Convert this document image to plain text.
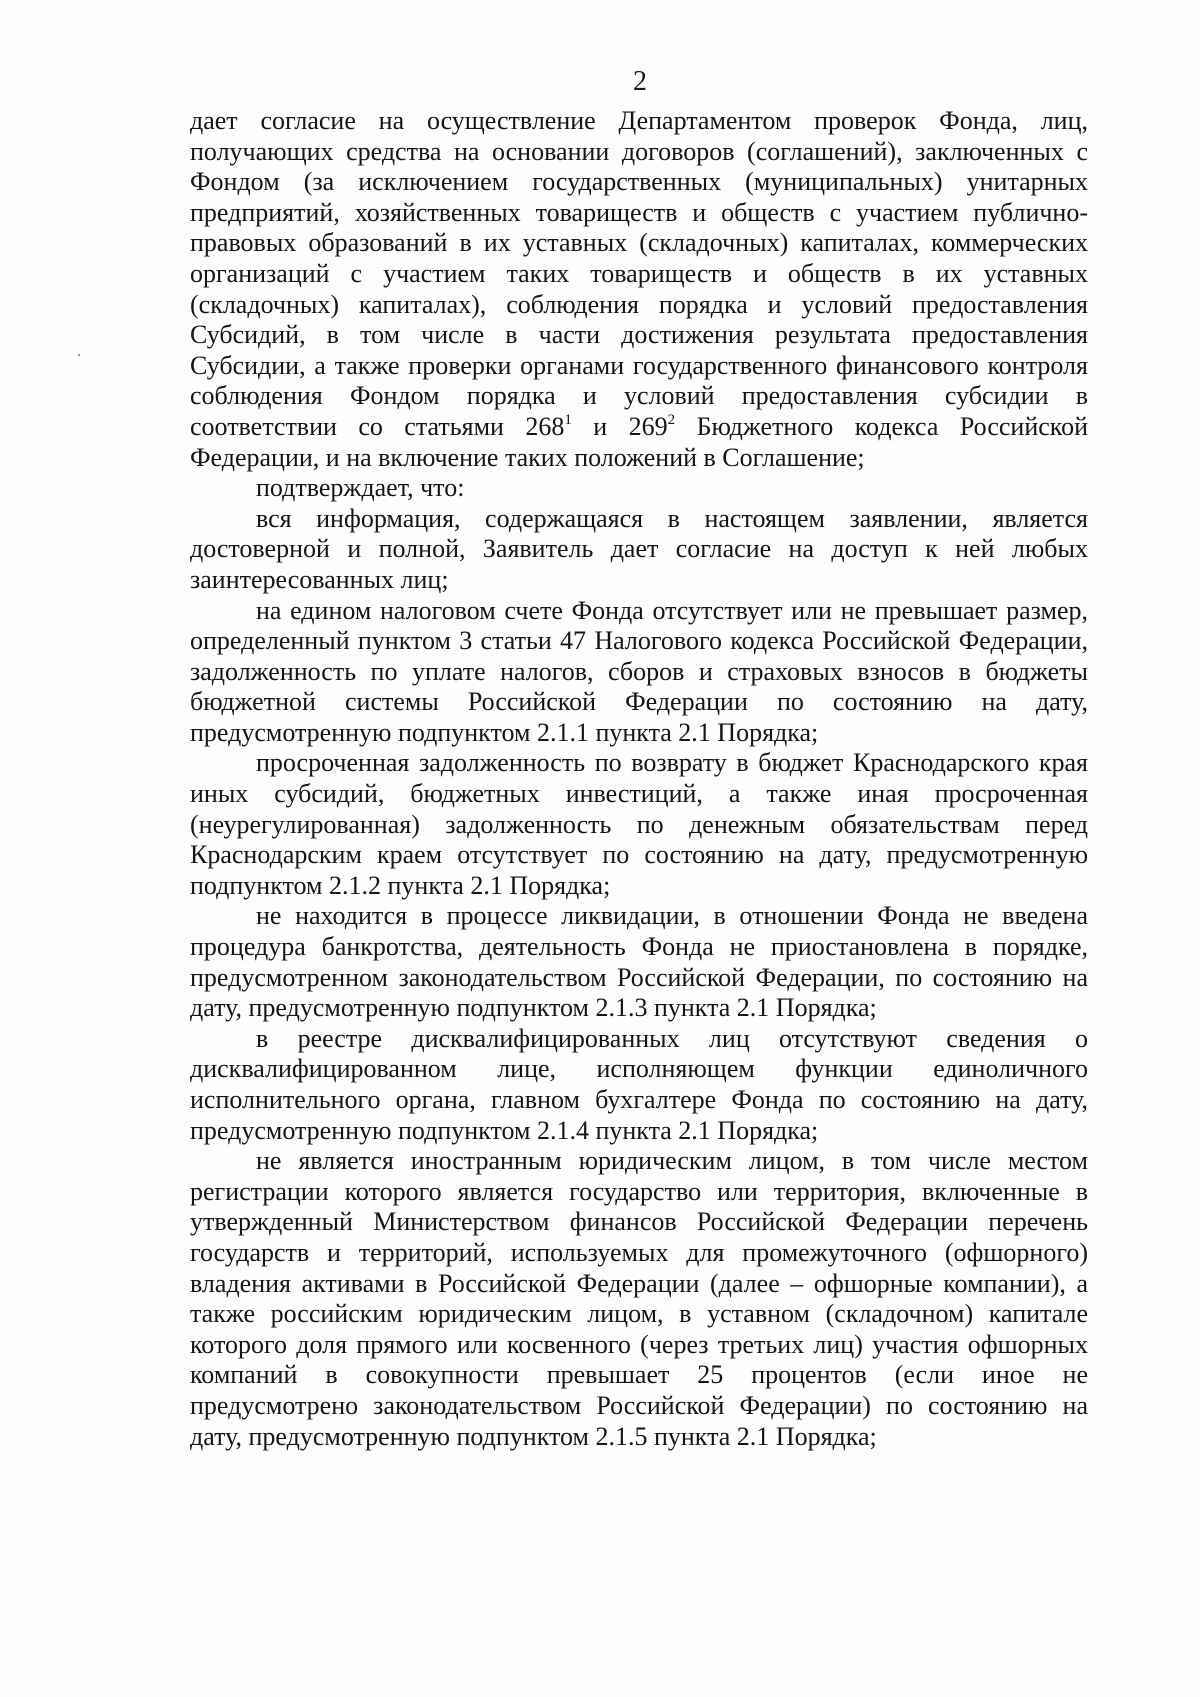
2

дает согласие на осуществление Департаментом проверок Фонда, лиц, получающих средства на основании договоров (соглашений), заключенных с Фондом (за исключением государственных (муниципальных) унитарных предприятий, хозяйственных товариществ и обществ с участием публично-правовых образований в их уставных (складочных) капиталах, коммерческих организаций с участием таких товариществ и обществ в их уставных (складочных) капиталах), соблюдения порядка и условий предоставления Субсидий, в том числе в части достижения результата предоставления Субсидии, а также проверки органами государственного финансового контроля соблюдения Фондом порядка и условий предоставления субсидии в соответствии со статьями $268^1$ и $269^2$ Бюджетного кодекса Российской Федерации, и на включение таких положений в Соглашение;

подтверждает, что:

вся информация, содержащаяся в настоящем заявлении, является достоверной и полной, Заявитель дает согласие на доступ к ней любых заинтересованных лиц;

на едином налоговом счете Фонда отсутствует или не превышает размер, определенный пунктом 3 статьи 47 Налогового кодекса Российской Федерации, задолженность по уплате налогов, сборов и страховых взносов в бюджеты бюджетной системы Российской Федерации по состоянию на дату, предусмотренную подпунктом 2.1.1 пункта 2.1 Порядка;

просроченная задолженность по возврату в бюджет Краснодарского края иных субсидий, бюджетных инвестиций, а также иная просроченная (неурегулированная) задолженность по денежным обязательствам перед Краснодарским краем отсутствует по состоянию на дату, предусмотренную подпунктом 2.1.2 пункта 2.1 Порядка;

не находится в процессе ликвидации, в отношении Фонда не введена процедура банкротства, деятельность Фонда не приостановлена в порядке, предусмотренном законодательством Российской Федерации, по состоянию на дату, предусмотренную подпунктом 2.1.3 пункта 2.1 Порядка;

в реестре дисквалифицированных лиц отсутствуют сведения о дисквалифицированном лице, исполняющем функции единоличного исполнительного органа, главном бухгалтере Фонда по состоянию на дату, предусмотренную подпунктом 2.1.4 пункта 2.1 Порядка;

не является иностранным юридическим лицом, в том числе местом регистрации которого является государство или территория, включенные в утвержденный Министерством финансов Российской Федерации перечень государств и территорий, используемых для промежуточного (офшорного) владения активами в Российской Федерации (далее – офшорные компании), а также российским юридическим лицом, в уставном (складочном) капитале которого доля прямого или косвенного (через третьих лиц) участия офшорных компаний в совокупности превышает 25 процентов (если иное не предусмотрено законодательством Российской Федерации) по состоянию на дату, предусмотренную подпунктом 2.1.5 пункта 2.1 Порядка;
